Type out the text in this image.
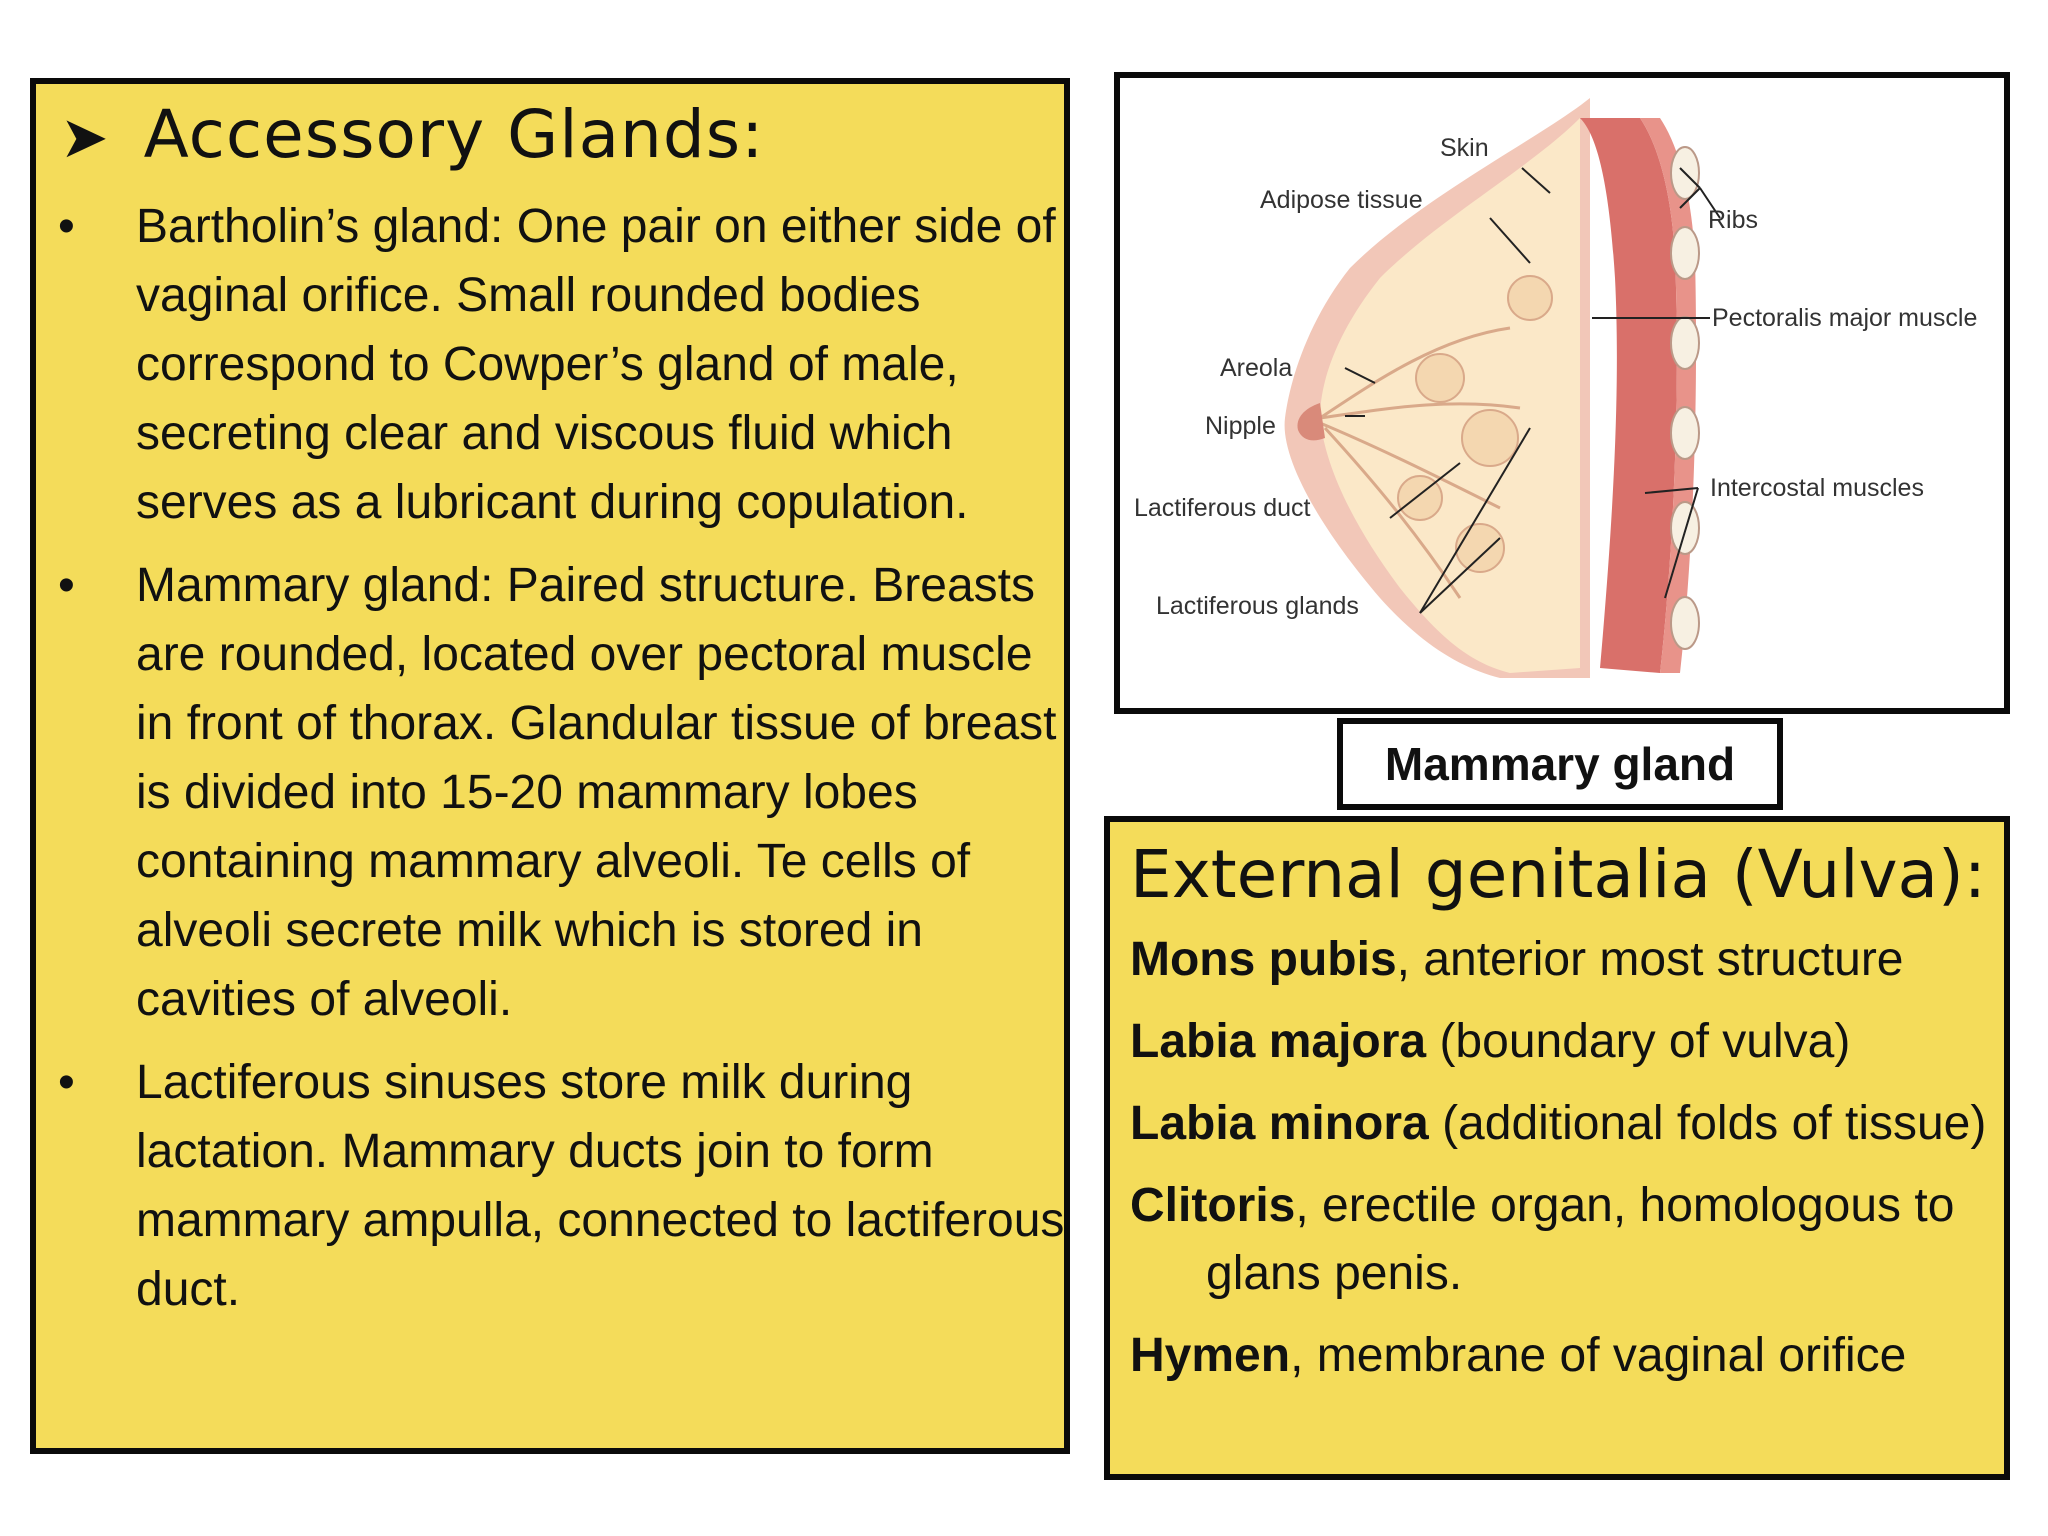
➤ Accessory Glands:
•	Bartholin’s gland: One pair on either side of vaginal orifice. Small rounded bodies correspond to Cowper’s gland of male, secreting clear and viscous fluid which serves as a lubricant during copulation.
•	Mammary gland: Paired structure. Breasts are rounded, located over pectoral muscle in front of thorax. Glandular tissue of breast is divided into 15-20 mammary lobes containing mammary alveoli. Te cells of alveoli secrete milk which is stored in cavities of alveoli.
•	Lactiferous sinuses store milk during lactation. Mammary ducts join to form mammary ampulla, connected to lactiferous duct.
Skin
Adipose tissue
Ribs
Pectoralis major muscle
Areola
Nipple
Intercostal muscles
Lactiferous duct
Lactiferous glands
Mammary gland
External genitalia (Vulva):
Mons pubis, anterior most structure
Labia majora (boundary of vulva)
Labia minora (additional folds of tissue)
Clitoris, erectile organ, homologous to glans penis.
Hymen, membrane of vaginal orifice
